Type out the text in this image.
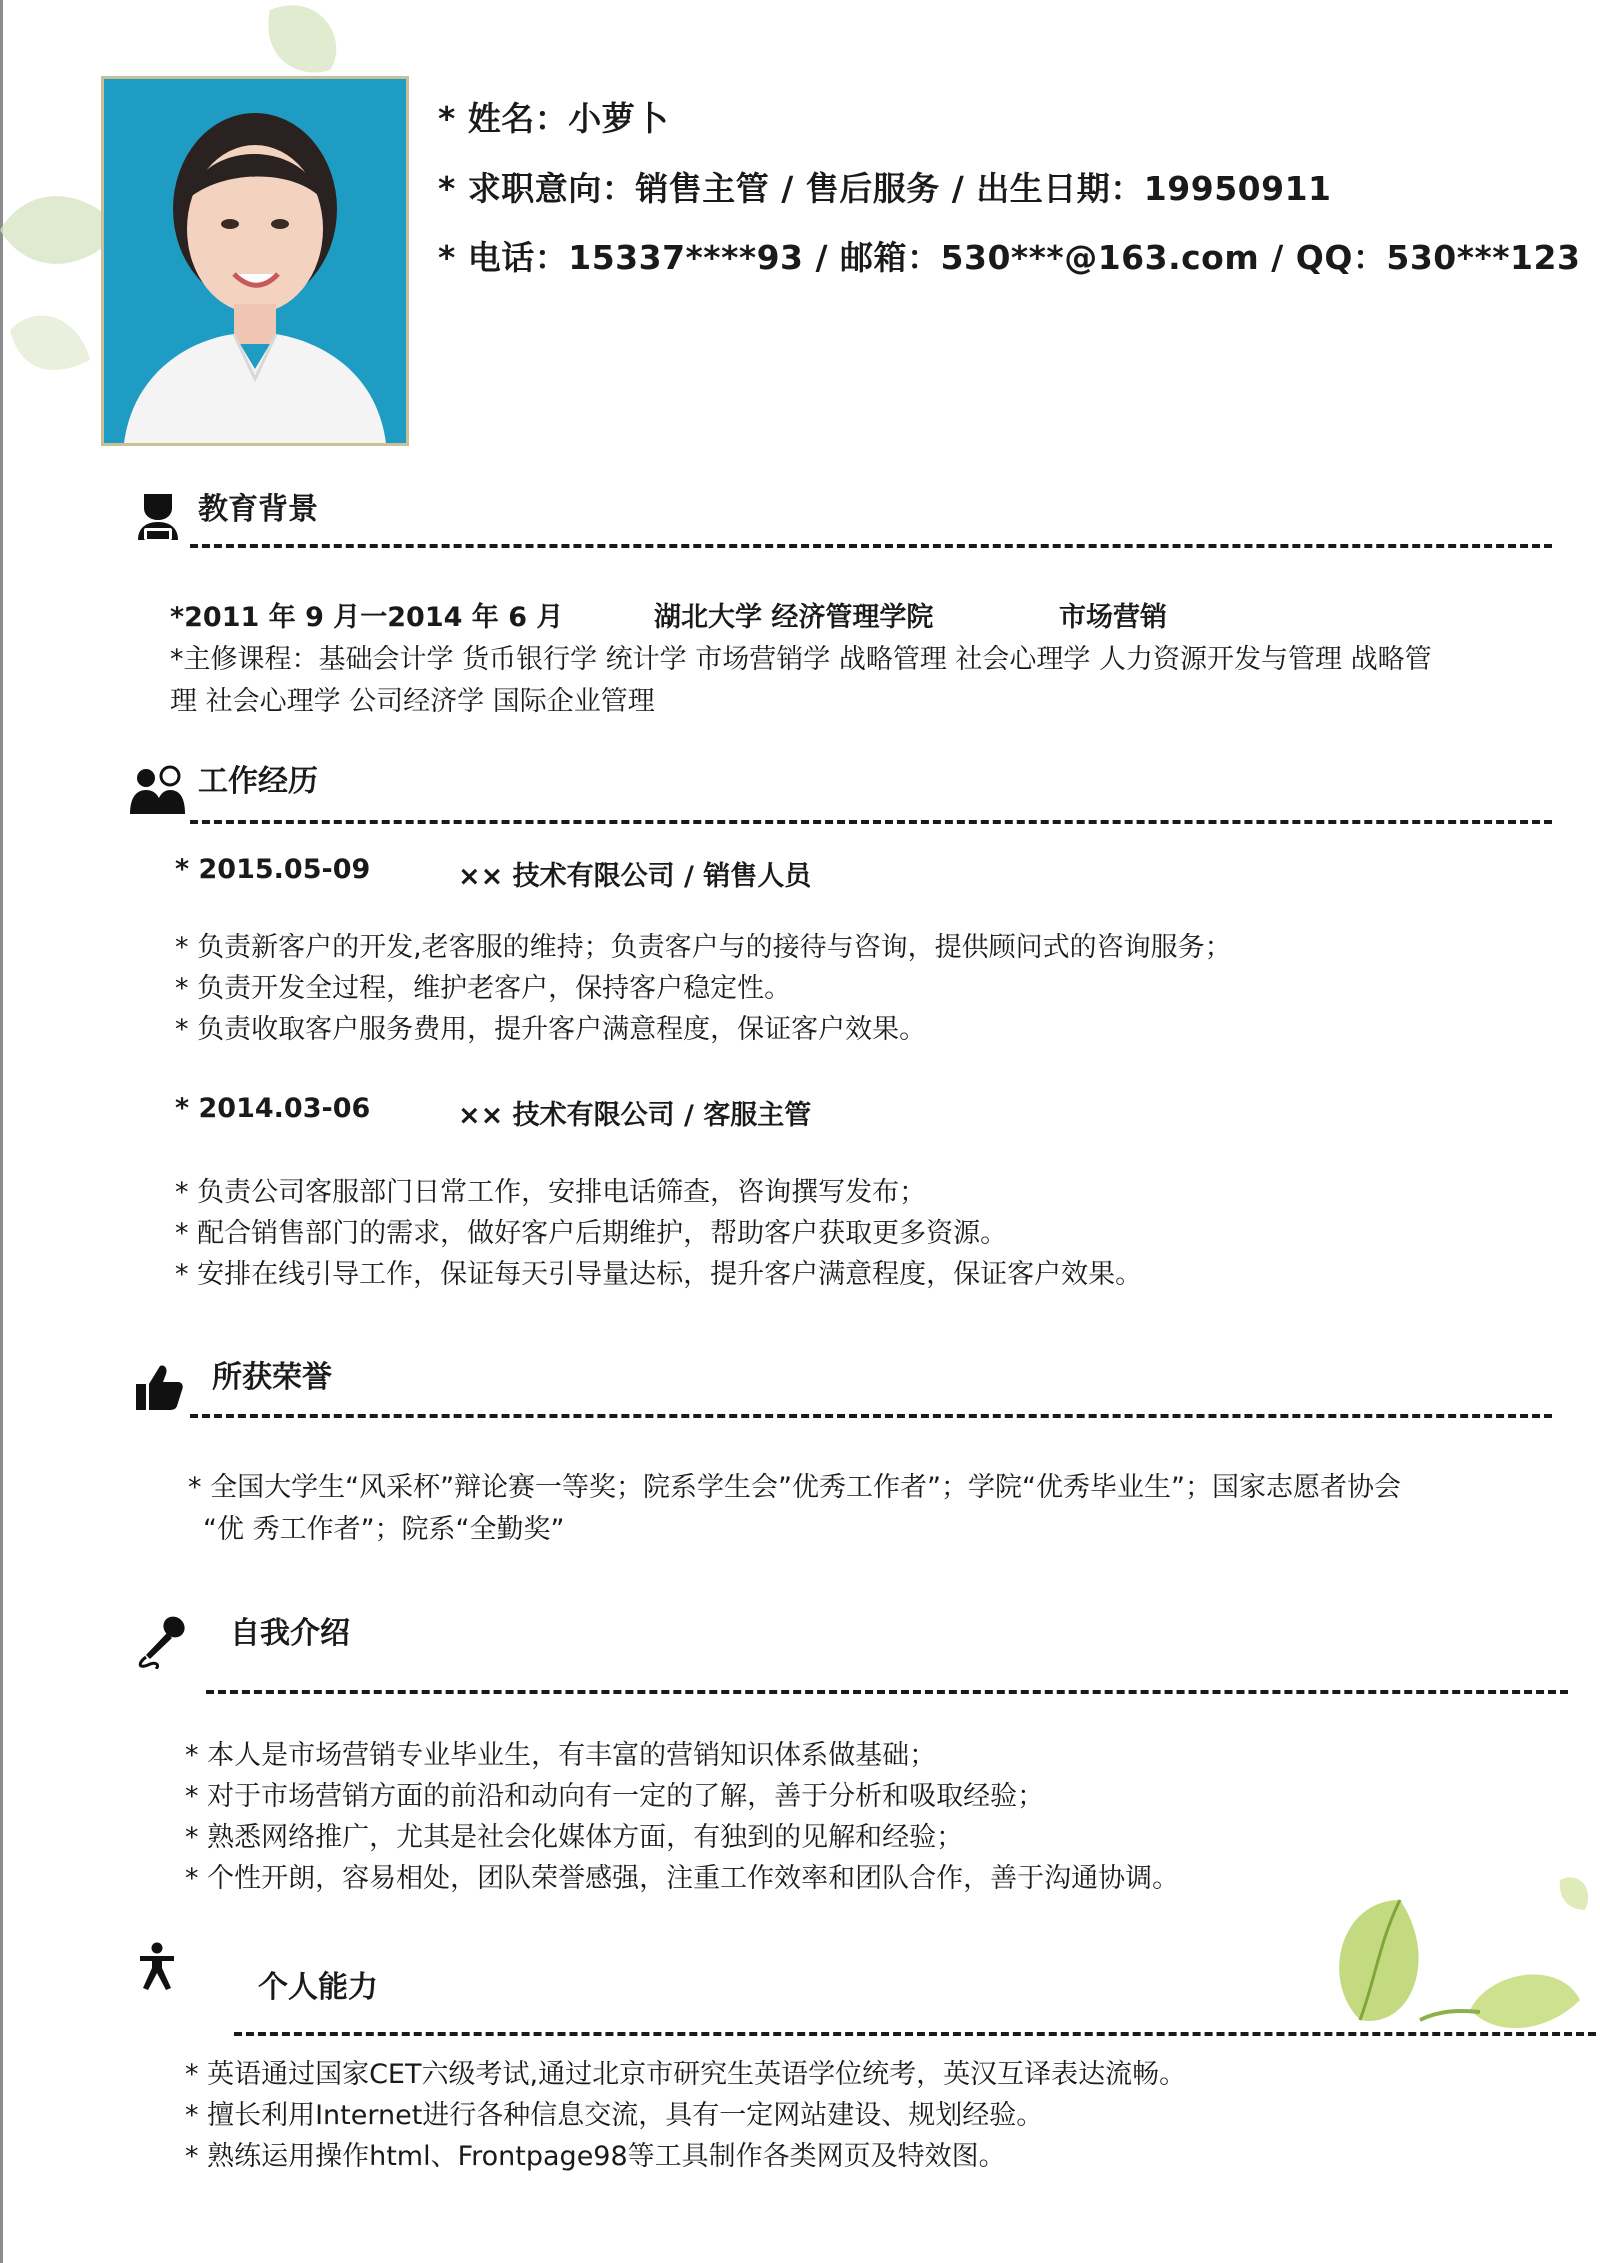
* 姓名：小萝卜
* 求职意向：销售主管 / 售后服务 / 出生日期：19950911
* 电话：15337****93 / 邮箱：530***@163.com / QQ：530***123
教育背景
*2011 年 9 月一2014 年 6 月	湖北大学 经济管理学院	市场营销
*主修课程：基础会计学 货币银行学 统计学 市场营销学 战略管理 社会心理学 人力资源开发与管理 战略管
理 社会心理学 公司经济学 国际企业管理
工作经历
* 2015.05-09	×× 技术有限公司 / 销售人员
* 负责新客户的开发,老客服的维持；负责客户与的接待与咨询，提供顾问式的咨询服务；
* 负责开发全过程，维护老客户，保持客户稳定性。
* 负责收取客户服务费用，提升客户满意程度，保证客户效果。
* 2014.03-06	×× 技术有限公司 / 客服主管
* 负责公司客服部门日常工作，安排电话筛查，咨询撰写发布；
* 配合销售部门的需求，做好客户后期维护，帮助客户获取更多资源。
* 安排在线引导工作，保证每天引导量达标，提升客户满意程度，保证客户效果。
所获荣誉
* 全国大学生“风采杯”辩论赛一等奖；院系学生会”优秀工作者”；学院“优秀毕业生”；国家志愿者协会
“优 秀工作者”；院系“全勤奖”
自我介绍
* 本人是市场营销专业毕业生，有丰富的营销知识体系做基础；
* 对于市场营销方面的前沿和动向有一定的了解，善于分析和吸取经验；
* 熟悉网络推广，尤其是社会化媒体方面，有独到的见解和经验；
* 个性开朗，容易相处，团队荣誉感强，注重工作效率和团队合作，善于沟通协调。
个人能力
* 英语通过国家CET六级考试,通过北京市研究生英语学位统考，英汉互译表达流畅。
* 擅长利用Internet进行各种信息交流，具有一定网站建设、规划经验。
* 熟练运用操作html、Frontpage98等工具制作各类网页及特效图。
